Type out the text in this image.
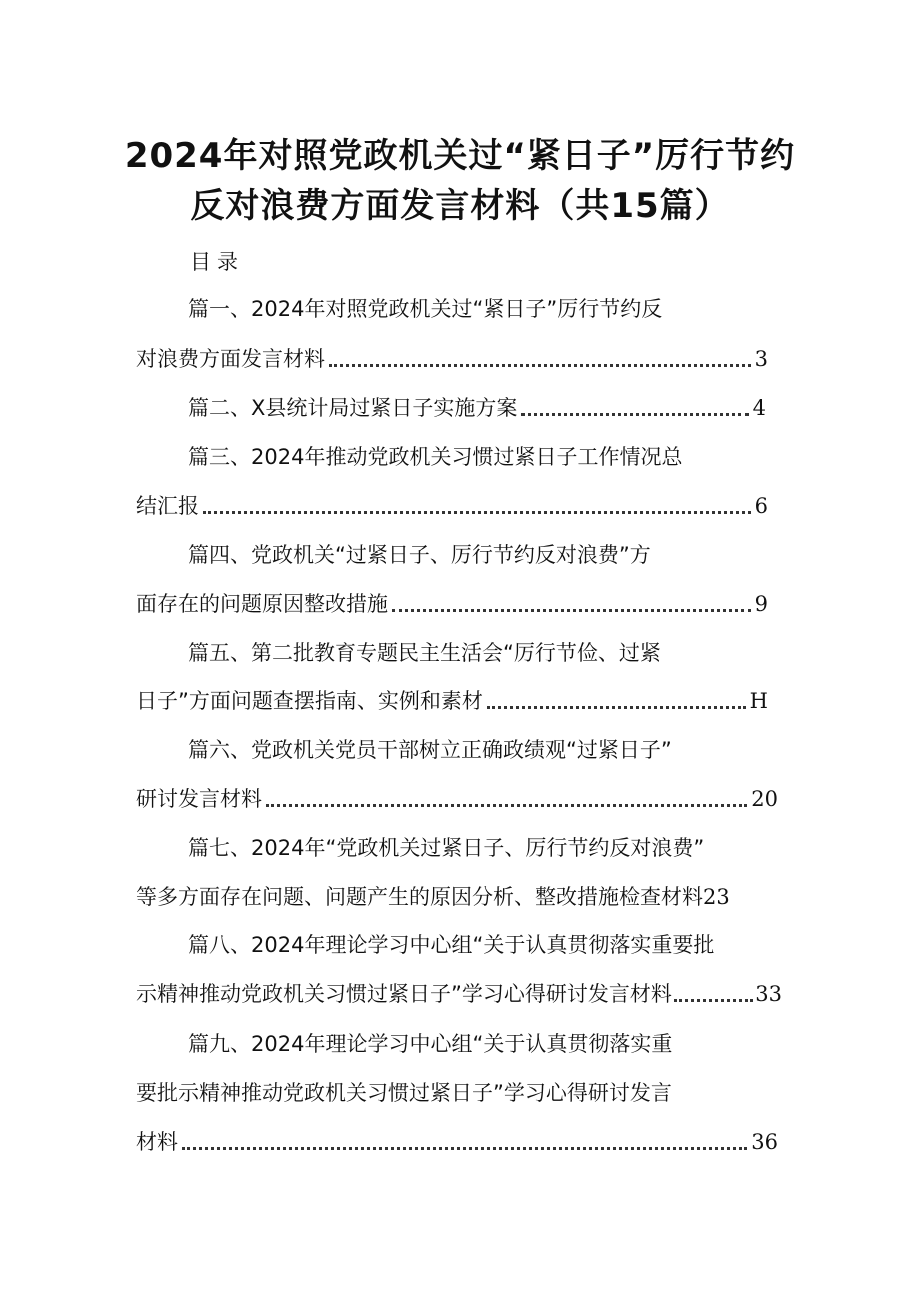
2024年对照党政机关过“紧日子”厉行节约
反对浪费方面发言材料（共15篇）
目录
篇一、2024年对照党政机关过“紧日子”厉行节约反
对浪费方面发言材料	3
篇二、X县统计局过紧日子实施方案	4
篇三、2024年推动党政机关习惯过紧日子工作情况总
结汇报	6
篇四、党政机关“过紧日子、厉行节约反对浪费”方
面存在的问题原因整改措施	9
篇五、第二批教育专题民主生活会“厉行节俭、过紧
日子”方面问题查摆指南、实例和素材	H
篇六、党政机关党员干部树立正确政绩观“过紧日子”
研讨发言材料	20
篇七、2024年“党政机关过紧日子、厉行节约反对浪费”
等多方面存在问题、问题产生的原因分析、整改措施检查材料 23
篇八、2024年理论学习中心组“关于认真贯彻落实重要批
示精神推动党政机关习惯过紧日子”学习心得研讨发言材料	33
篇九、2024年理论学习中心组“关于认真贯彻落实重
要批示精神推动党政机关习惯过紧日子”学习心得研讨发言
材料	36
